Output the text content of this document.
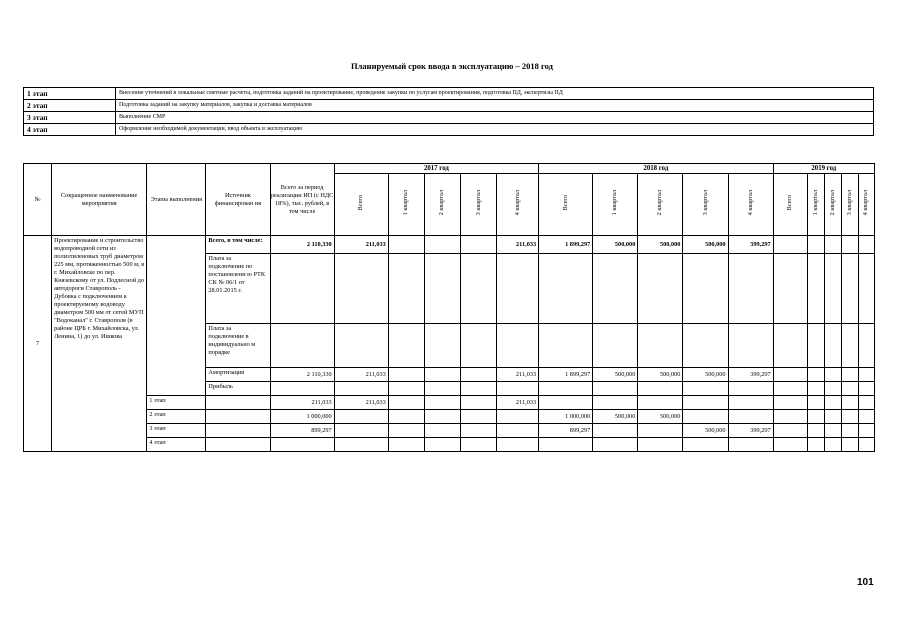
Планируемый срок ввода в эксплуатацию – 2018 год
1 этап	Внесение уточнений в локальные сметные расчеты, подготовка заданий на проектирование, проведение закупки по услугам проектирования, подготовка ПД, экспертизы ПД
2 этап	Подготовка заданий на закупку материалов, закупка и доставка материалов
3 этап	Выполнение СМР
4 этап	Оформление необходимой документации, ввод объекта в эксплуатацию
№	Сокращенное наименование мероприятия	Этапы выполнения	Источник финансирован ия	Всего за период реализации ИП (с НДС 18%), тыс. рублей, в том числе	2017 год					2018 год					2019 год				
					Всего	1 квартал	2 квартал	3 квартал	4 квартал	Всего	1 квартал	2 квартал	3 квартал	4 квартал	Всего	1 квартал	2 квартал	3 квартал	4 квартал
7	Проектирование и строительство водопроводной сети из полиэтиленовых труб диаметром 225 мм, протяженностью 500 м, в г. Михайловске по пер. Князевскому от ул. Подлесной до автодороги Ставрополь - Дубовка с подключением к проектируемому водоводу диаметром 500 мм от сетей МУП "Водоканал" г. Ставрополя (в районе ЦРБ г. Михайловска, ул. Ленина, 1) до ул. Ишкова		Всего, в том числе:	2 110,330	211,033				211,033	1 899,297	500,000	500,000	500,000	399,297					
			Плата за подключение по постановлени ю РТК СК № 06/1 от 28.01.2015 г.																
			Плата за подключение в индивидуально м порядке																
			Амортизация	2 110,330	211,033				211,033	1 899,297	500,000	500,000	500,000	399,297					
			Прибыль																
		1 этап		211,033	211,033				211,033										
		2 этап		1 000,000						1 000,000	500,000	500,000							
		3 этап		899,297						899,297			500,000	399,297					
		4 этап																	
101
